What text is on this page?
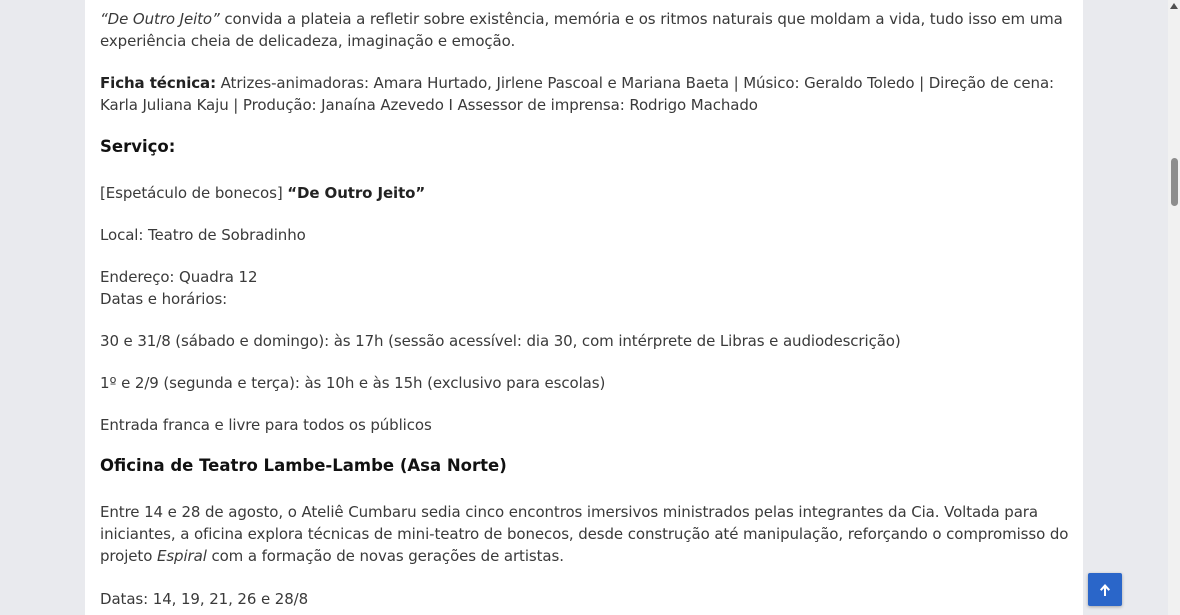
“De Outro Jeito” convida a plateia a refletir sobre existência, memória e os ritmos naturais que moldam a vida, tudo isso em uma experiência cheia de delicadeza, imaginação e emoção.

Ficha técnica: Atrizes-animadoras: Amara Hurtado, Jirlene Pascoal e Mariana Baeta | Músico: Geraldo Toledo | Direção de cena: Karla Juliana Kaju | Produção: Janaína Azevedo I Assessor de imprensa: Rodrigo Machado

Serviço:

[Espetáculo de bonecos] “De Outro Jeito”

Local: Teatro de Sobradinho

Endereço: Quadra 12

Datas e horários:

30 e 31/8 (sábado e domingo): às 17h (sessão acessível: dia 30, com intérprete de Libras e audiodescrição)

1º e 2/9 (segunda e terça): às 10h e às 15h (exclusivo para escolas)

Entrada franca e livre para todos os públicos

Oficina de Teatro Lambe-Lambe (Asa Norte)

Entre 14 e 28 de agosto, o Ateliê Cumbaru sedia cinco encontros imersivos ministrados pelas integrantes da Cia. Voltada para iniciantes, a oficina explora técnicas de mini-teatro de bonecos, desde construção até manipulação, reforçando o compromisso do projeto Espiral com a formação de novas gerações de artistas.

Datas: 14, 19, 21, 26 e 28/8
